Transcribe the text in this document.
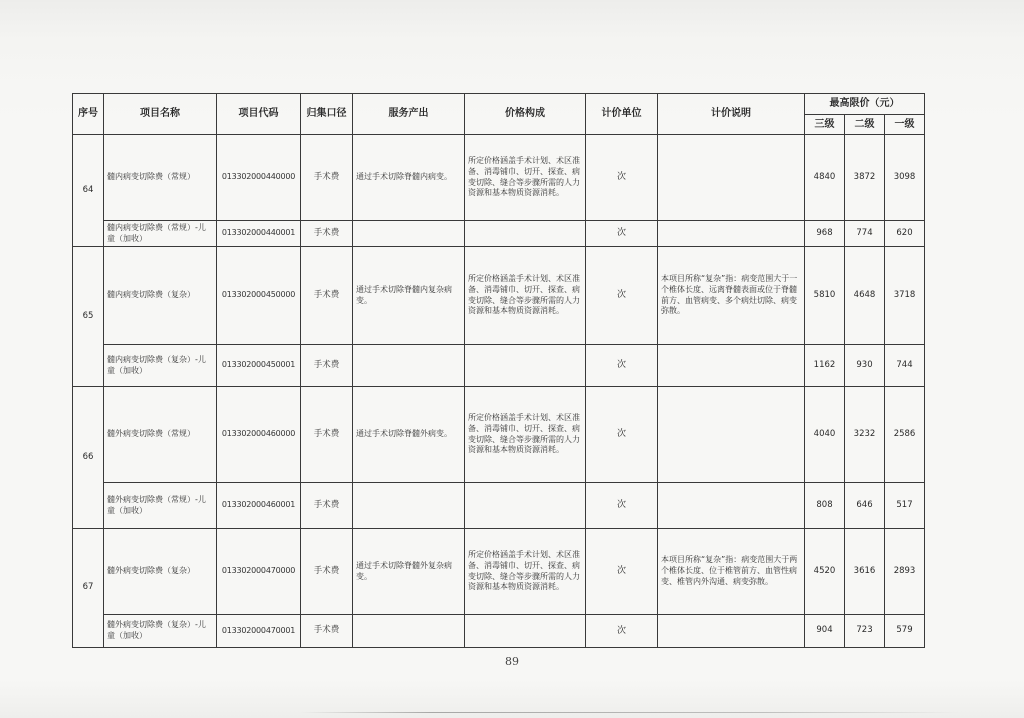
序号	项目名称	项目代码	归集口径	服务产出	价格构成	计价单位	计价说明	最高限价（元）		
								三级	二级	一级
64	髓内病变切除费（常规）	013302000440000	手术费	通过手术切除脊髓内病变。	所定价格涵盖手术计划、术区准备、消毒铺巾、切开、探查、病变切除、缝合等步骤所需的人力资源和基本物质资源消耗。	次		4840	3872	3098
	髓内病变切除费（常规）-儿童（加收）	013302000440001	手术费			次		968	774	620
65	髓内病变切除费（复杂）	013302000450000	手术费	通过手术切除脊髓内复杂病变。	所定价格涵盖手术计划、术区准备、消毒铺巾、切开、探查、病变切除、缝合等步骤所需的人力资源和基本物质资源消耗。	次	本项目所称“复杂”指：病变范围大于一个椎体长度、远离脊髓表面或位于脊髓前方、血管病变、多个病灶切除、病变弥散。	5810	4648	3718
	髓内病变切除费（复杂）-儿童（加收）	013302000450001	手术费			次		1162	930	744
66	髓外病变切除费（常规）	013302000460000	手术费	通过手术切除脊髓外病变。	所定价格涵盖手术计划、术区准备、消毒铺巾、切开、探查、病变切除、缝合等步骤所需的人力资源和基本物质资源消耗。	次		4040	3232	2586
	髓外病变切除费（常规）-儿童（加收）	013302000460001	手术费			次		808	646	517
67	髓外病变切除费（复杂）	013302000470000	手术费	通过手术切除脊髓外复杂病变。	所定价格涵盖手术计划、术区准备、消毒铺巾、切开、探查、病变切除、缝合等步骤所需的人力资源和基本物质资源消耗。	次	本项目所称“复杂”指：病变范围大于两个椎体长度、位于椎管前方、血管性病变、椎管内外沟通、病变弥散。	4520	3616	2893
	髓外病变切除费（复杂）-儿童（加收）	013302000470001	手术费			次		904	723	579
89
